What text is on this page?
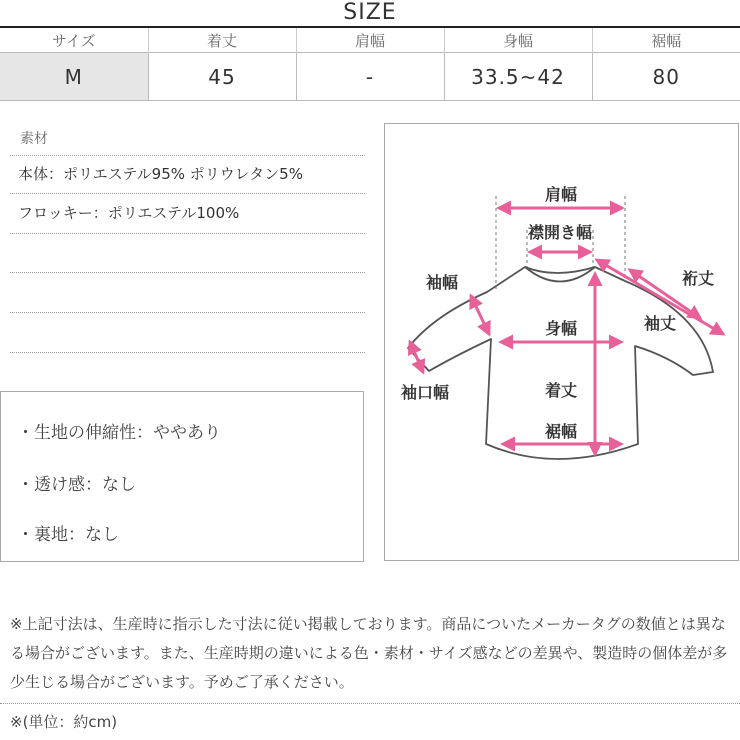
SIZE
サイズ	着丈	肩幅	身幅	裾幅
M	45	-	33.5~42	80
素材
本体：ポリエステル95% ポリウレタン5%
フロッキー：ポリエステル100%
・生地の伸縮性：ややあり
・透け感：なし
・裏地：なし
肩幅
襟開き幅
裄丈
袖幅
袖丈
身幅
袖口幅	着丈
裾幅
※上記寸法は、生産時に指示した寸法に従い掲載しております。商品についたメーカータグの数値とは異なる場合がございます。また、生産時期の違いによる色・素材・サイズ感などの差異や、製造時の個体差が多少生じる場合がございます。予めご了承ください。
※(単位：約cm)
